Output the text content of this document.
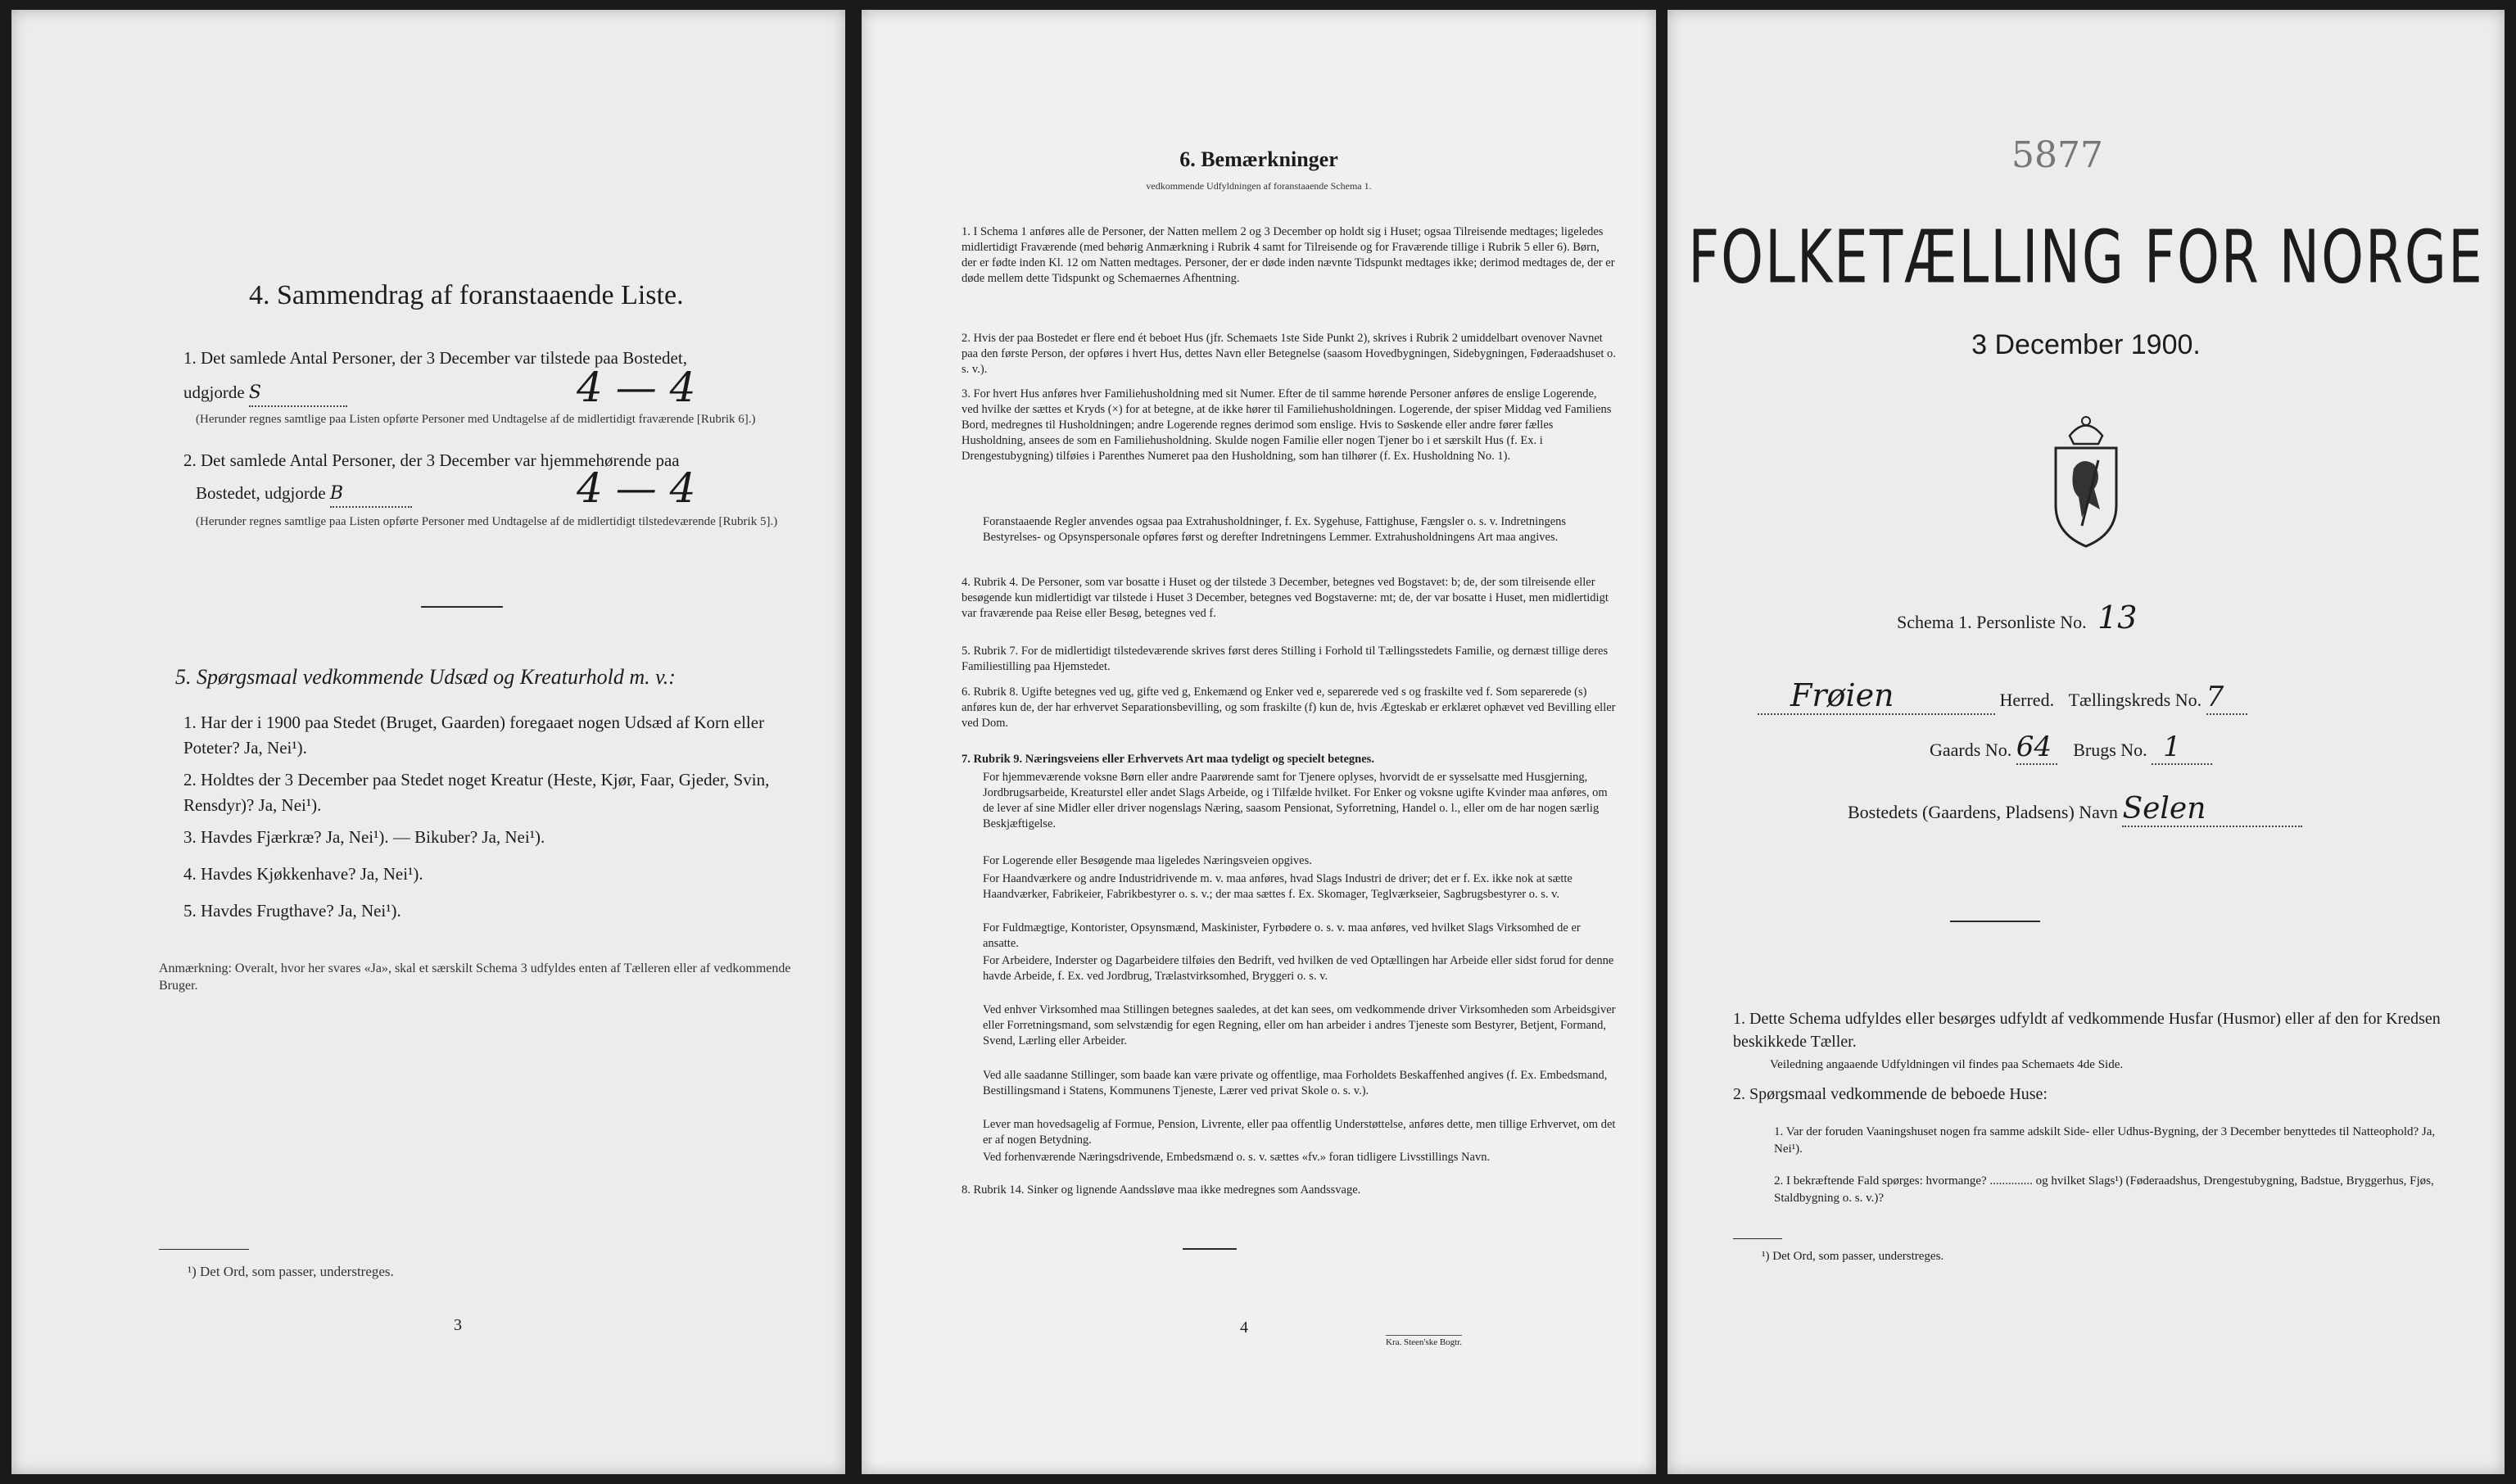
4. Sammendrag af foranstaaende Liste.
1. Det samlede Antal Personer, der 3 December var tilstede paa Bostedet,
udgjorde S	4 — 4
(Herunder regnes samtlige paa Listen opførte Personer med Undtagelse af de midlertidigt fraværende [Rubrik 6].)
2. Det samlede Antal Personer, der 3 December var hjemmehørende paa
Bostedet, udgjorde B	4 — 4
(Herunder regnes samtlige paa Listen opførte Personer med Undtagelse af de midlertidigt tilstedeværende [Rubrik 5].)
5. Spørgsmaal vedkommende Udsæd og Kreaturhold m. v.:
1. Har der i 1900 paa Stedet (Bruget, Gaarden) foregaaet nogen Udsæd af Korn eller Poteter? Ja, Nei¹).
2. Holdtes der 3 December paa Stedet noget Kreatur (Heste, Kjør, Faar, Gjeder, Svin, Rensdyr)? Ja, Nei¹).
3. Havdes Fjærkræ? Ja, Nei¹). — Bikuber? Ja, Nei¹).
4. Havdes Kjøkkenhave? Ja, Nei¹).
5. Havdes Frugthave? Ja, Nei¹).
Anmærkning: Overalt, hvor her svares «Ja», skal et særskilt Schema 3 udfyldes enten af Tælleren eller af vedkommende Bruger.
¹) Det Ord, som passer, understreges.
3
6. Bemærkninger
vedkommende Udfyldningen af foranstaaende Schema 1.
1. I Schema 1 anføres alle de Personer, der Natten mellem 2 og 3 December op holdt sig i Huset; ogsaa Tilreisende medtages; ligeledes midlertidigt Fraværende (med behørig Anmærkning i Rubrik 4 samt for Tilreisende og for Fraværende tillige i Rubrik 5 eller 6). Børn, der er fødte inden Kl. 12 om Natten medtages. Personer, der er døde inden nævnte Tidspunkt medtages ikke; derimod medtages de, der er døde mellem dette Tidspunkt og Schemaernes Afhentning.
2. Hvis der paa Bostedet er flere end ét beboet Hus (jfr. Schemaets 1ste Side Punkt 2), skrives i Rubrik 2 umiddelbart ovenover Navnet paa den første Person, der opføres i hvert Hus, dettes Navn eller Betegnelse (saasom Hovedbygningen, Sidebygningen, Føderaadshuset o. s. v.).
3. For hvert Hus anføres hver Familiehusholdning med sit Numer. Efter de til samme hørende Personer anføres de enslige Logerende, ved hvilke der sættes et Kryds (×) for at betegne, at de ikke hører til Familiehusholdningen. Logerende, der spiser Middag ved Familiens Bord, medregnes til Husholdningen; andre Logerende regnes derimod som enslige. Hvis to Søskende eller andre fører fælles Husholdning, ansees de som en Familiehusholdning. Skulde nogen Familie eller nogen Tjener bo i et særskilt Hus (f. Ex. i Drengestubygning) tilføies i Parenthes Numeret paa den Husholdning, som han tilhører (f. Ex. Husholdning No. 1).
Foranstaaende Regler anvendes ogsaa paa Extrahusholdninger, f. Ex. Sygehuse, Fattighuse, Fængsler o. s. v. Indretningens Bestyrelses- og Opsynspersonale opføres først og derefter Indretningens Lemmer. Extrahusholdningens Art maa angives.
4. Rubrik 4. De Personer, som var bosatte i Huset og der tilstede 3 December, betegnes ved Bogstavet: b; de, der som tilreisende eller besøgende kun midlertidigt var tilstede i Huset 3 December, betegnes ved Bogstaverne: mt; de, der var bosatte i Huset, men midlertidigt var fraværende paa Reise eller Besøg, betegnes ved f.
5. Rubrik 7. For de midlertidigt tilstedeværende skrives først deres Stilling i Forhold til Tællingsstedets Familie, og dernæst tillige deres Familiestilling paa Hjemstedet.
6. Rubrik 8. Ugifte betegnes ved ug, gifte ved g, Enkemænd og Enker ved e, separerede ved s og fraskilte ved f. Som separerede (s) anføres kun de, der har erhvervet Separationsbevilling, og som fraskilte (f) kun de, hvis Ægteskab er erklæret ophævet ved Bevilling eller ved Dom.
7. Rubrik 9. Næringsveiens eller Erhvervets Art maa tydeligt og specielt betegnes.
For hjemmeværende voksne Børn eller andre Paarørende samt for Tjenere oplyses, hvorvidt de er sysselsatte med Husgjerning, Jordbrugsarbeide, Kreaturstel eller andet Slags Arbeide, og i Tilfælde hvilket. For Enker og voksne ugifte Kvinder maa anføres, om de lever af sine Midler eller driver nogenslags Næring, saasom Pensionat, Syforretning, Handel o. l., eller om de har nogen særlig Beskjæftigelse.
For Logerende eller Besøgende maa ligeledes Næringsveien opgives.
For Haandværkere og andre Industridrivende m. v. maa anføres, hvad Slags Industri de driver; det er f. Ex. ikke nok at sætte Haandværker, Fabrikeier, Fabrikbestyrer o. s. v.; der maa sættes f. Ex. Skomager, Teglværkseier, Sagbrugsbestyrer o. s. v.
For Fuldmægtige, Kontorister, Opsynsmænd, Maskinister, Fyrbødere o. s. v. maa anføres, ved hvilket Slags Virksomhed de er ansatte.
For Arbeidere, Inderster og Dagarbeidere tilføies den Bedrift, ved hvilken de ved Optællingen har Arbeide eller sidst forud for denne havde Arbeide, f. Ex. ved Jordbrug, Trælastvirksomhed, Bryggeri o. s. v.
Ved enhver Virksomhed maa Stillingen betegnes saaledes, at det kan sees, om vedkommende driver Virksomheden som Arbeidsgiver eller Forretningsmand, som selvstændig for egen Regning, eller om han arbeider i andres Tjeneste som Bestyrer, Betjent, Formand, Svend, Lærling eller Arbeider.
Ved alle saadanne Stillinger, som baade kan være private og offentlige, maa Forholdets Beskaffenhed angives (f. Ex. Embedsmand, Bestillingsmand i Statens, Kommunens Tjeneste, Lærer ved privat Skole o. s. v.).
Lever man hovedsagelig af Formue, Pension, Livrente, eller paa offentlig Understøttelse, anføres dette, men tillige Erhvervet, om det er af nogen Betydning.
Ved forhenværende Næringsdrivende, Embedsmænd o. s. v. sættes «fv.» foran tidligere Livsstillings Navn.
8. Rubrik 14. Sinker og lignende Aandssløve maa ikke medregnes som Aandssvage.
4
Kra. Steen'ske Bogtr.
5877
FOLKETÆLLING FOR NORGE
3 December 1900.
Schema 1. Personliste No. 13
Frøien	Herred. Tællingskreds No. 7
Gaards No. 64 Brugs No. 1
Bostedets (Gaardens, Pladsens) Navn Selen
1. Dette Schema udfyldes eller besørges udfyldt af vedkommende Husfar (Husmor) eller af den for Kredsen beskikkede Tæller.
Veiledning angaaende Udfyldningen vil findes paa Schemaets 4de Side.
2. Spørgsmaal vedkommende de beboede Huse:
1. Var der foruden Vaaningshuset nogen fra samme adskilt Side- eller Udhus-Bygning, der 3 December benyttedes til Natteophold? Ja, Nei¹).
2. I bekræftende Fald spørges: hvormange? .............. og hvilket Slags¹) (Føderaadshus, Drengestubygning, Badstue, Bryggerhus, Fjøs, Staldbygning o. s. v.)?
¹) Det Ord, som passer, understreges.
